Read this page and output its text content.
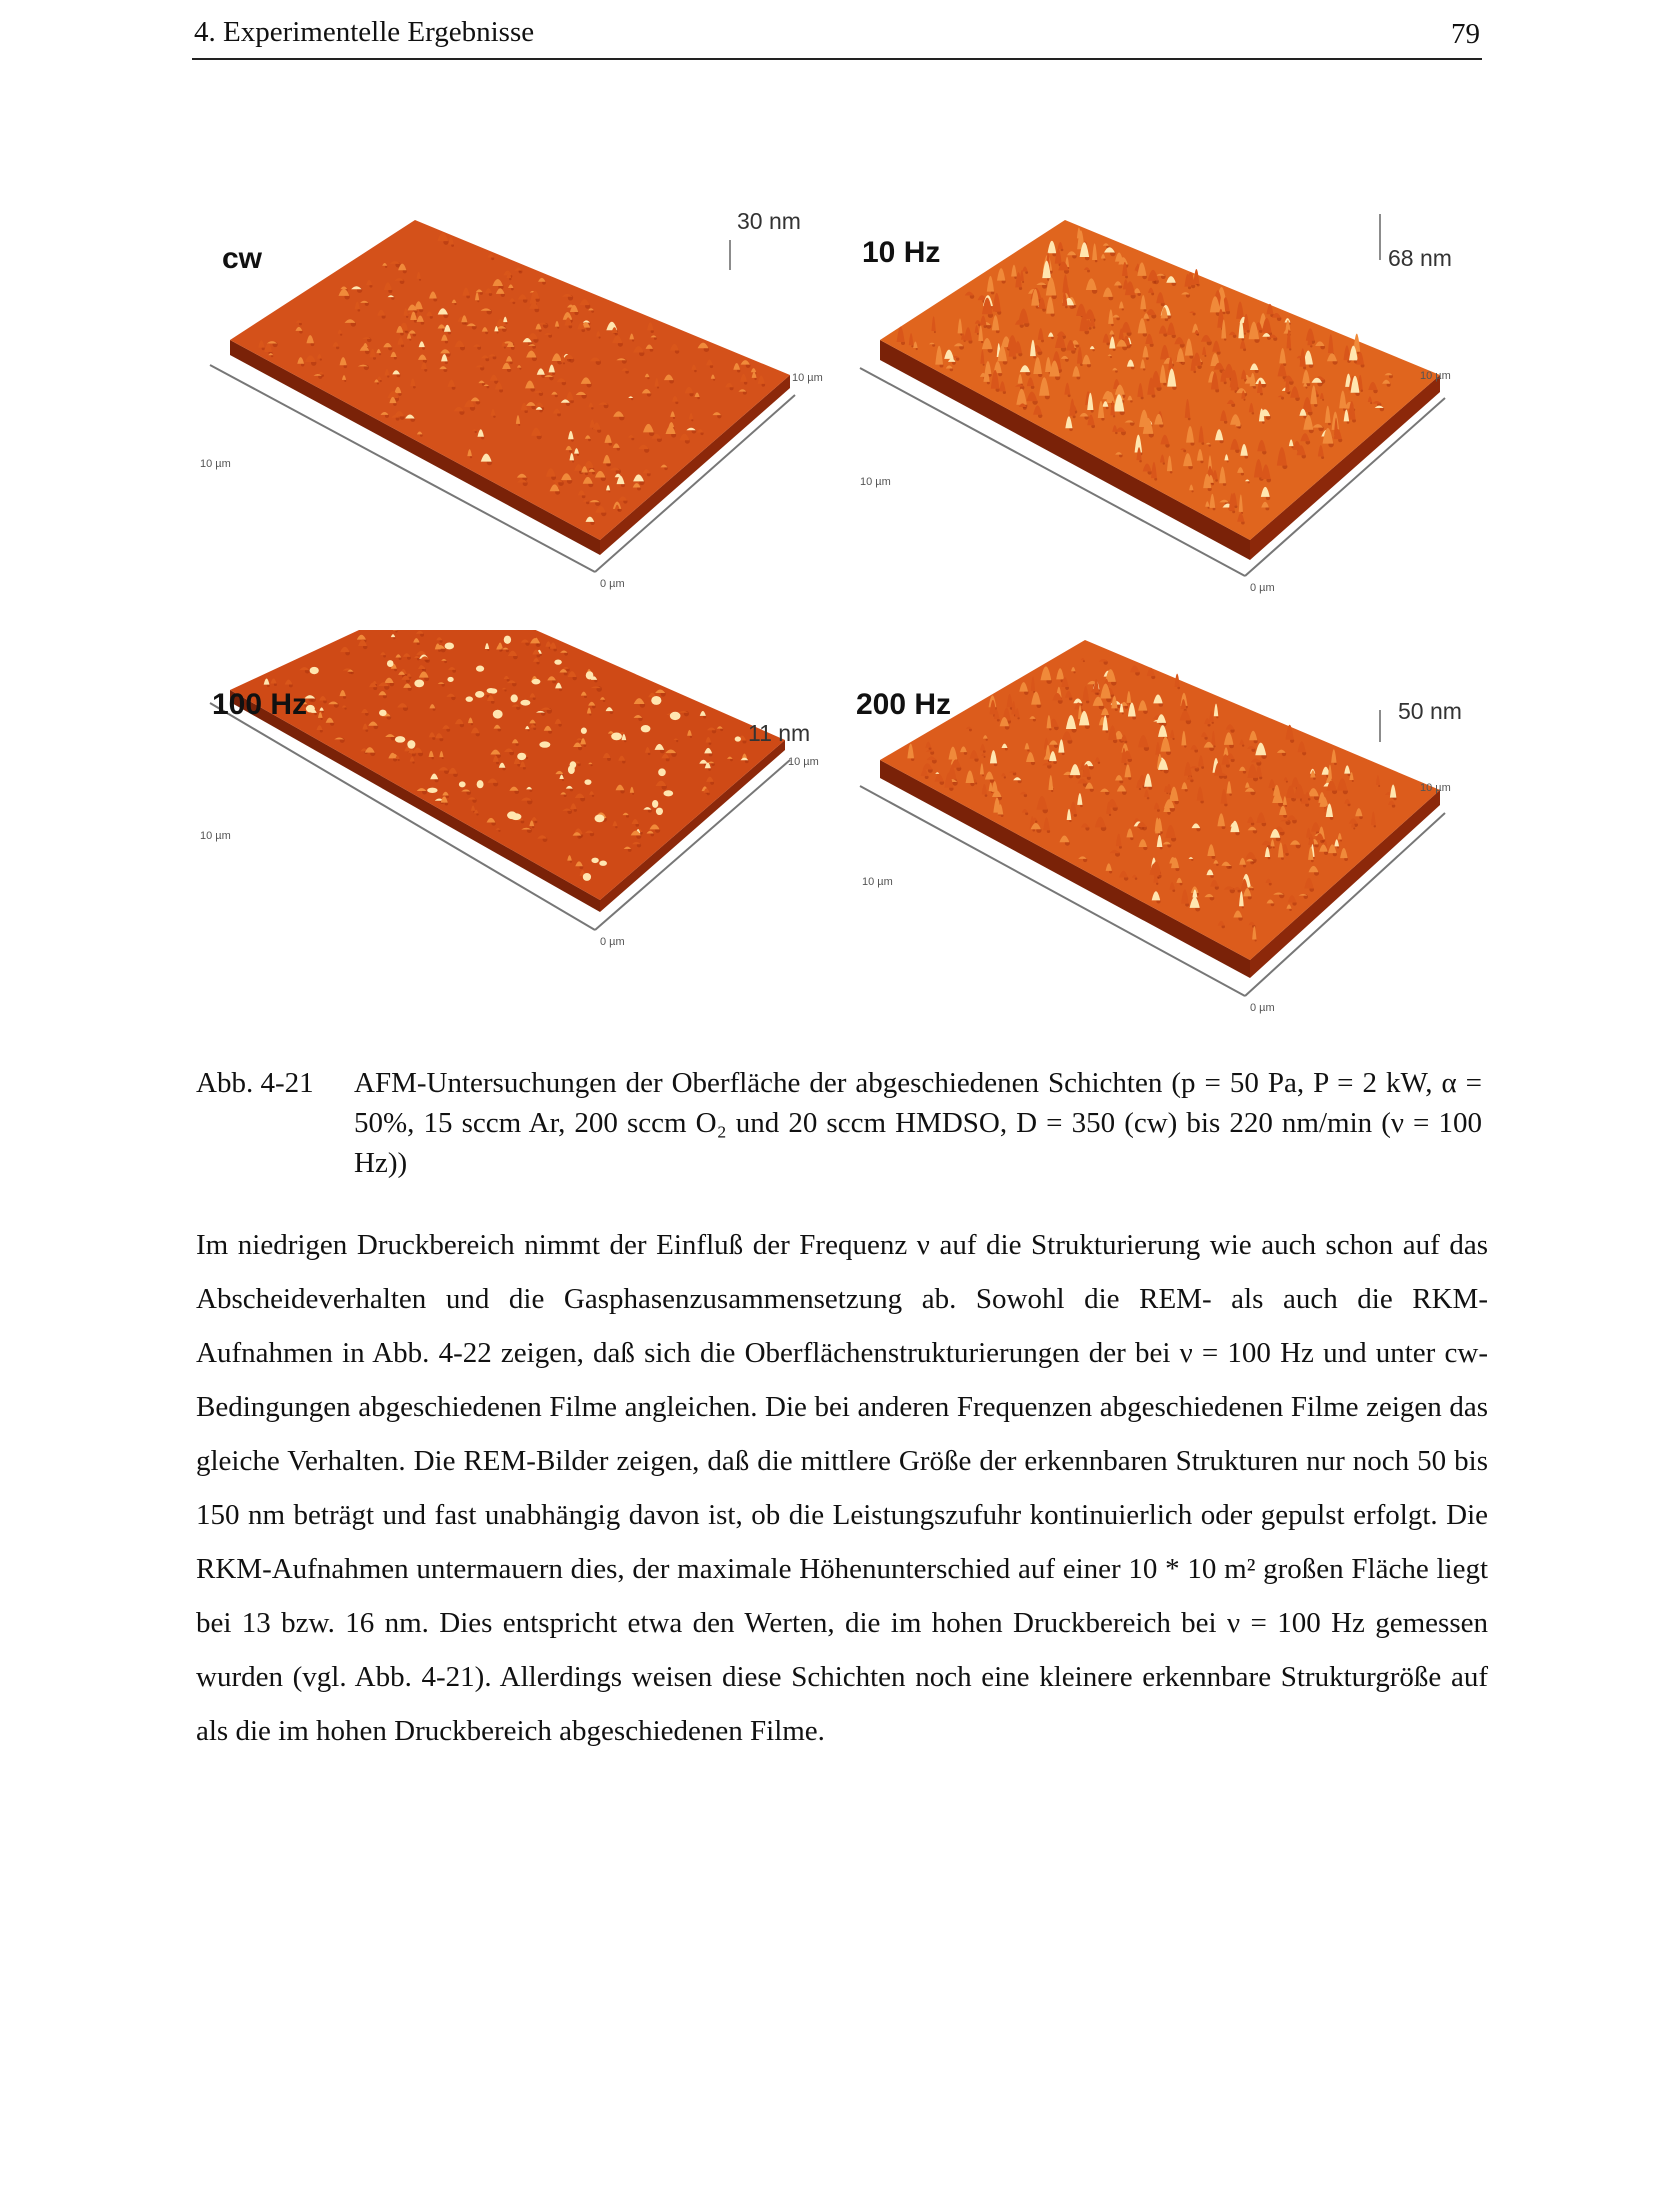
4. Experimentelle Ergebnisse	79
cw
30 nm
10 µm
10 µm
0 µm
10 Hz	68 nm
10 µm
10 µm
0 µm
100 Hz
11 nm
10 µm
10 µm
0 µm
200 Hz	50 nm
10 µm
10 µm
0 µm
Abb. 4-21 AFM-Untersuchungen der Oberfläche der abgeschiedenen Schichten (p = 50 Pa, P = 2 kW, α = 50%, 15 sccm Ar, 200 sccm O₂ und 20 sccm HMDSO, D = 350 (cw) bis 220 nm/min (ν = 100 Hz))
Im niedrigen Druckbereich nimmt der Einfluß der Frequenz ν auf die Strukturierung wie auch schon auf das Abscheideverhalten und die Gasphasenzusammensetzung ab. Sowohl die REM- als auch die RKM-Aufnahmen in Abb. 4-22 zeigen, daß sich die Oberflächenstrukturierungen der bei ν = 100 Hz und unter cw-Bedingungen abgeschiedenen Filme angleichen. Die bei anderen Frequenzen abgeschiedenen Filme zeigen das gleiche Verhalten. Die REM-Bilder zeigen, daß die mittlere Größe der erkennbaren Strukturen nur noch 50 bis 150 nm beträgt und fast unabhängig davon ist, ob die Leistungszufuhr kontinuierlich oder gepulst erfolgt. Die RKM-Aufnahmen untermauern dies, der maximale Höhenunterschied auf einer 10 * 10 m² großen Fläche liegt bei 13 bzw. 16 nm. Dies entspricht etwa den Werten, die im hohen Druckbereich bei ν = 100 Hz gemessen wurden (vgl. Abb. 4-21). Allerdings weisen diese Schichten noch eine kleinere erkennbare Strukturgröße auf als die im hohen Druckbereich abgeschiedenen Filme.
